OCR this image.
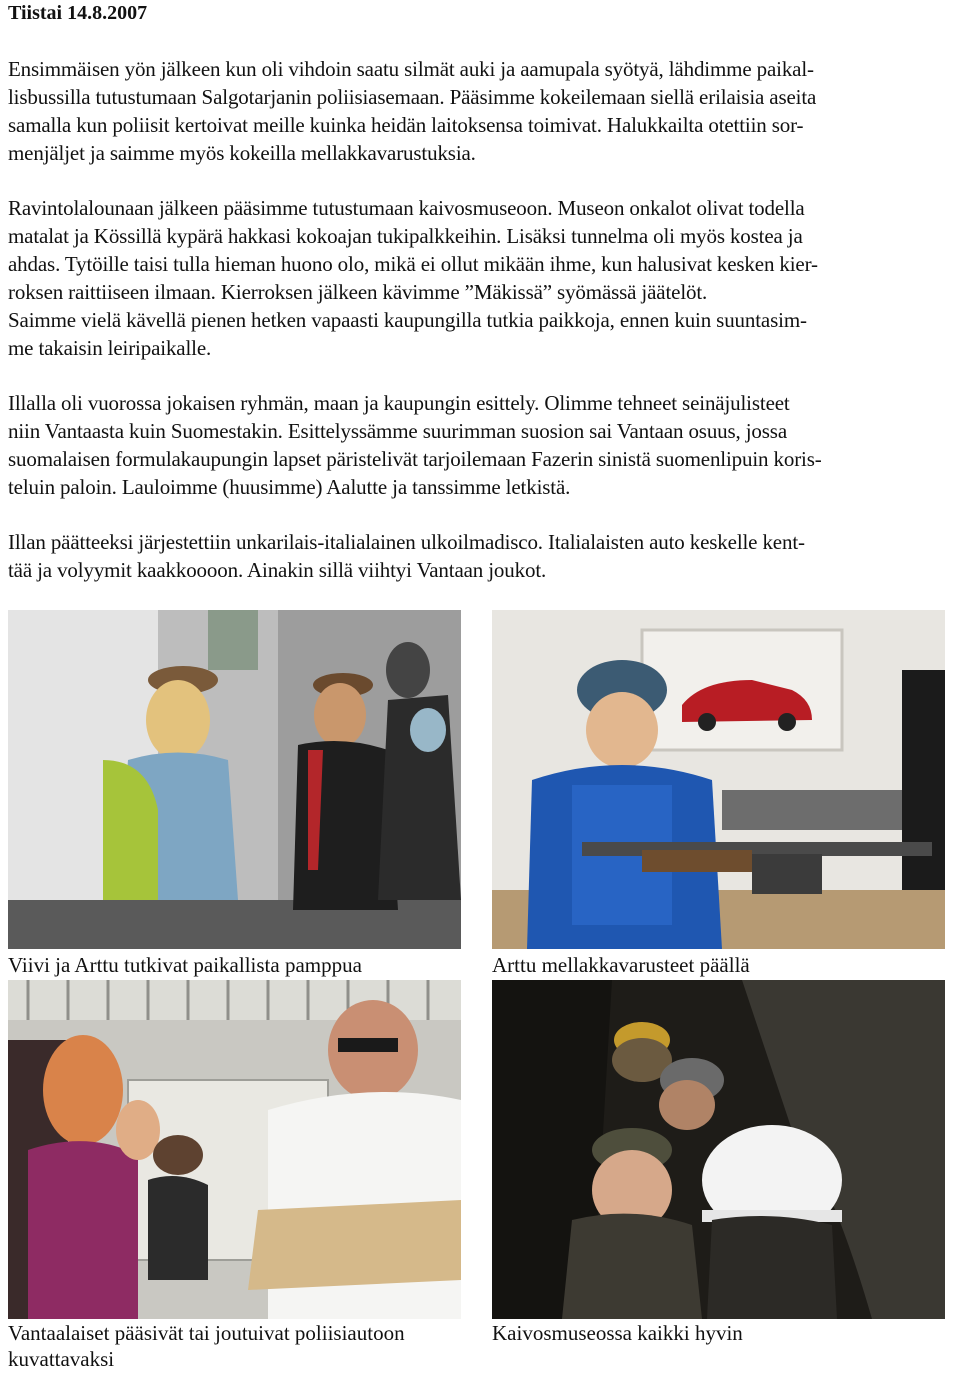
Tiistai 14.8.2007
Ensimmäisen yön jälkeen kun oli vihdoin saatu silmät auki ja aamupala syötyä, lähdimme paikal-
lisbussilla tutustumaan Salgotarjanin poliisiasemaan. Pääsimme kokeilemaan siellä erilaisia aseita
samalla kun poliisit kertoivat meille kuinka heidän laitoksensa toimivat. Halukkailta otettiin sor-
menjäljet ja saimme myös kokeilla mellakkavarustuksia.
Ravintolalounaan jälkeen pääsimme tutustumaan kaivosmuseoon. Museon onkalot olivat todella
matalat ja Kössillä kypärä hakkasi kokoajan tukipalkkeihin. Lisäksi tunnelma oli myös kostea ja
ahdas. Tytöille taisi tulla hieman huono olo, mikä ei ollut mikään ihme, kun halusivat kesken kier-
roksen raittiiseen ilmaan. Kierroksen jälkeen kävimme ”Mäkissä” syömässä jäätelöt.
Saimme vielä kävellä pienen hetken vapaasti kaupungilla tutkia paikkoja, ennen kuin suuntasim-
me takaisin leiripaikalle.
Illalla oli vuorossa jokaisen ryhmän, maan ja kaupungin esittely. Olimme tehneet seinäjulisteet
niin Vantaasta kuin Suomestakin. Esittelyssämme suurimman suosion sai Vantaan osuus, jossa
suomalaisen formulakaupungin lapset päristelivät tarjoilemaan Fazerin sinistä suomenlipuin koris-
teluin paloin. Lauloimme (huusimme) Aalutte ja tanssimme letkistä.
Illan päätteeksi järjestettiin unkarilais-italialainen ulkoilmadisco. Italialaisten auto keskelle kent-
tää ja volyymit kaakkoooon. Ainakin sillä viihtyi Vantaan joukot.

Viivi ja Arttu tutkivat paikallista pamppua	Arttu mellakkavarusteet päällä

Vantaalaiset pääsivät tai joutuivat poliisiautoon

kuvattavaksi

Kaivosmuseossa kaikki hyvin
